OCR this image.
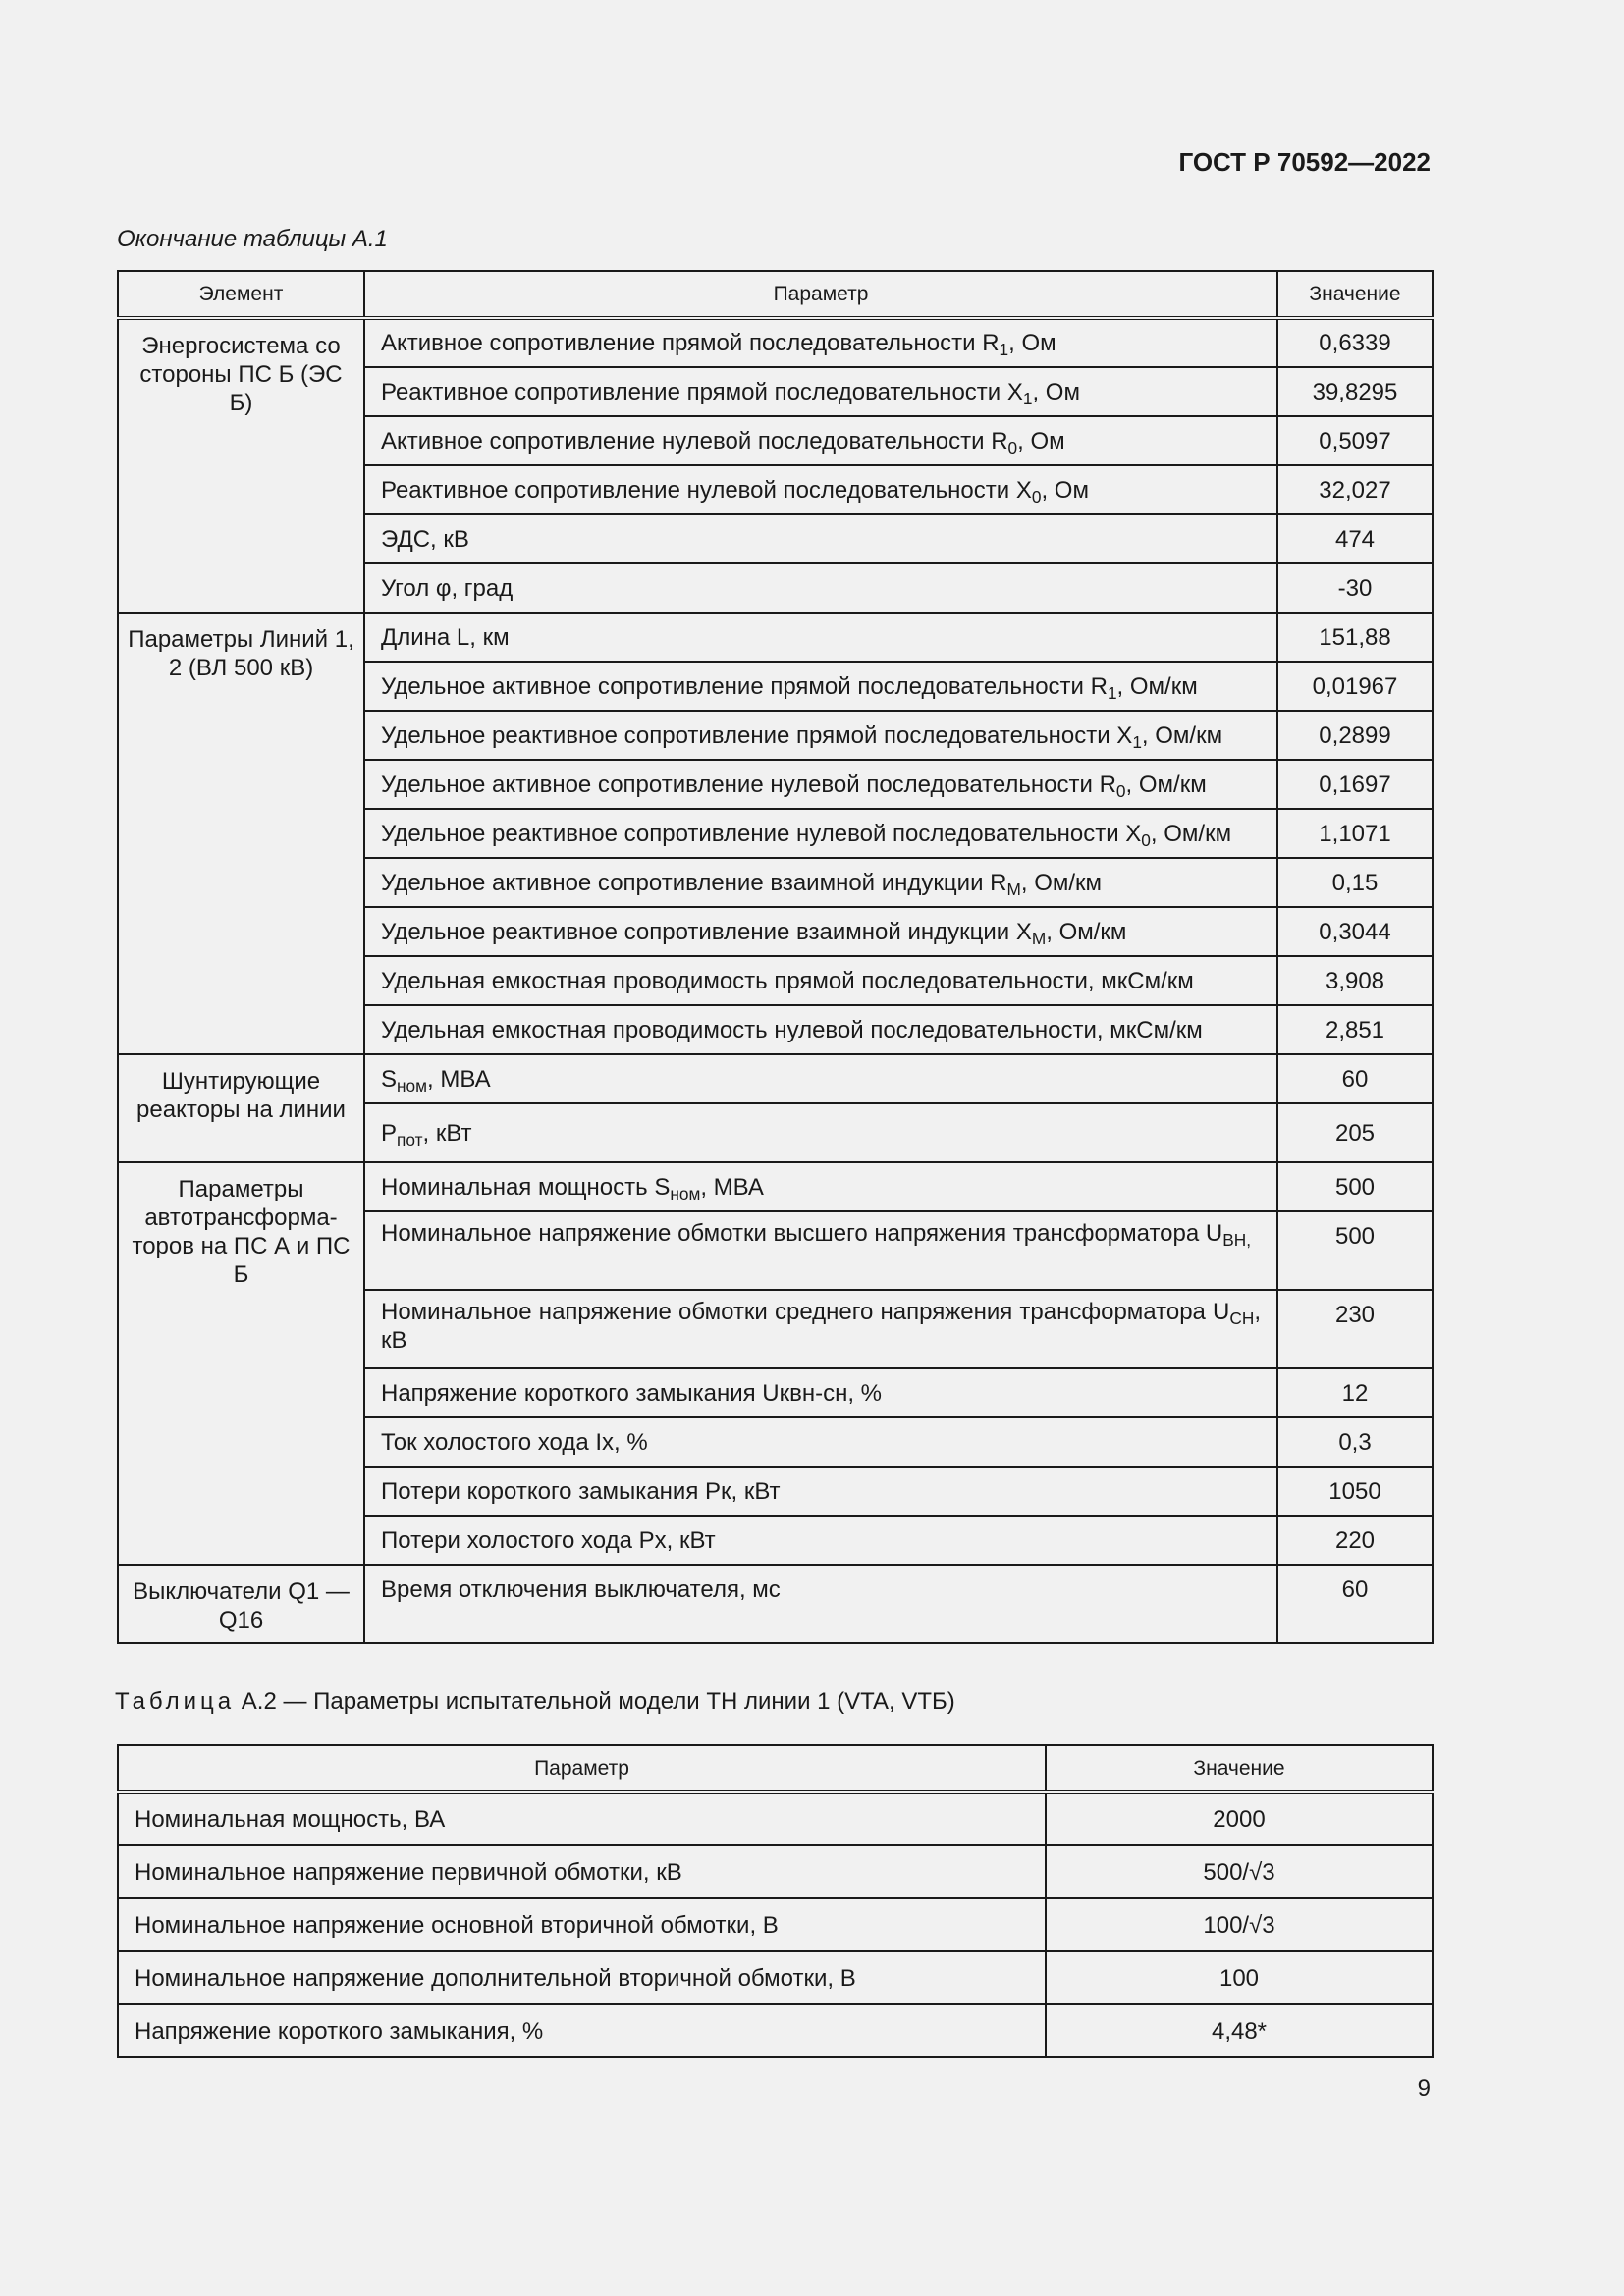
ГОСТ Р 70592—2022
Окончание таблицы А.1
Элемент	Параметр	Значение
Энергосистема со стороны ПС Б (ЭС Б)	Активное сопротивление прямой последовательности $R_1$, Ом	0,6339
	Реактивное сопротивление прямой последовательности $X_1$, Ом	39,8295
	Активное сопротивление нулевой последовательности $R_0$, Ом	0,5097
	Реактивное сопротивление нулевой последовательности $X_0$, Ом	32,027
	ЭДС, кВ	474
	Угол φ, град	-30
Параметры Линий 1, 2 (ВЛ 500 кВ)	Длина L, км	151,88
	Удельное активное сопротивление прямой последовательности $R_1$, Ом/км	0,01967
	Удельное реактивное сопротивление прямой последовательности $X_1$, Ом/км	0,2899
	Удельное активное сопротивление нулевой последовательности $R_0$, Ом/км	0,1697
	Удельное реактивное сопротивление нулевой последовательности $X_0$, Ом/км	1,1071
	Удельное активное сопротивление взаимной индукции $R_M$, Ом/км	0,15
	Удельное реактивное сопротивление взаимной индукции $X_M$, Ом/км	0,3044
	Удельная емкостная проводимость прямой последовательности, мкСм/км	3,908
	Удельная емкостная проводимость нулевой последовательности, мкСм/км	2,851
Шунтирующие реакторы на линии	$S_{ном}$, МВА	60
	$P_{пот}$, кВт	205
Параметры автотрансформа-торов на ПС А и ПС Б	Номинальная мощность $S_{ном}$, МВА	500
	Номинальное напряжение обмотки высшего напряжения трансформатора $U_{ВН,}$	500
	Номинальное напряжение обмотки среднего напряжения трансформатора $U_{СН}$, кВ	230
	Напряжение короткого замыкания Uквн-сн, %	12
	Ток холостого хода Ix, %	0,3
	Потери короткого замыкания Pк, кВт	1050
	Потери холостого хода Px, кВт	220
Выключатели Q1 — Q16	Время отключения выключателя, мс	60
Таблица А.2 — Параметры испытательной модели ТН линии 1 (VTA, VTБ)
Параметр	Значение
Номинальная мощность, ВА	2000
Номинальное напряжение первичной обмотки, кВ	500/√3
Номинальное напряжение основной вторичной обмотки, В	100/√3
Номинальное напряжение дополнительной вторичной обмотки, В	100
Напряжение короткого замыкания, %	4,48*
9
